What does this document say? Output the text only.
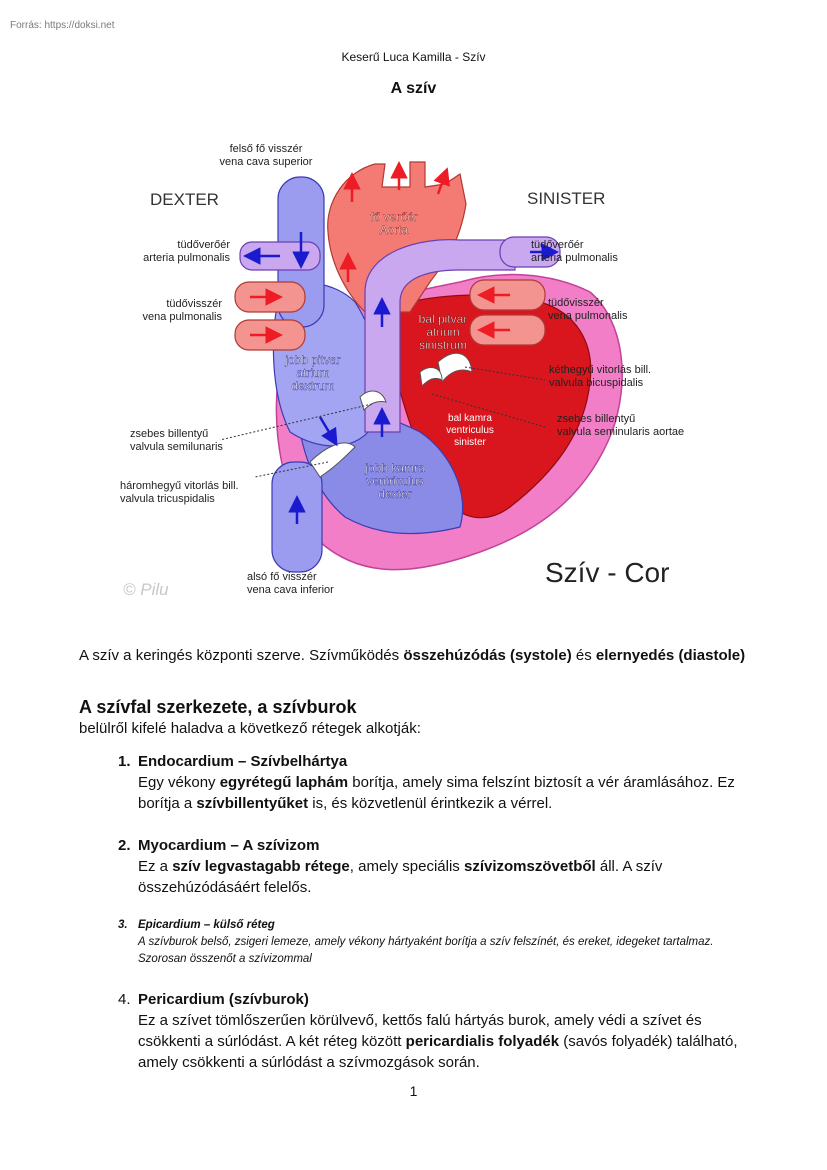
Forrás: https://doksi.net
Keserű Luca Kamilla - Szív
A szív
DEXTER	SINISTER
Szív - Cor
© Pilu
felső fő visszér
vena cava superior
tüdőverőér
arteria pulmonalis
tüdővisszér
vena pulmonalis
zsebes billentyű
valvula semilunaris
háromhegyű vitorlás bill.
valvula tricuspidalis
alsó fő visszér
vena cava inferior
tüdőverőér
arteria pulmonalis
tüdővisszér
vena pulmonalis
kéthegyű vitorlás bill.
valvula bicuspidalis
zsebes billentyű
valvula seminularis aortae
fő verőér
Aorta
jobb pitvar
atrium
dextrum
bal pitvar
atrium
sinistrum
jobb kamra
ventriculus
dexter
bal kamra
ventriculus
sinister

A szív a keringés központi szerve. Szívműködés összehúzódás (systole) és elernyedés (diastole)

A szívfal szerkezete, a szívburok
belülről kifelé haladva a következő rétegek alkotják:
1. Endocardium – Szívbelhártya
Egy vékony egyrétegű laphám borítja, amely sima felszínt biztosít a vér áramlásához. Ez borítja a szívbillentyűket is, és közvetlenül érintkezik a vérrel.
2. Myocardium – A szívizom
Ez a szív legvastagabb rétege, amely speciális szívizomszövetből áll. A szív összehúzódásáért felelős.
3. Epicardium – külső réteg
A szívburok belső, zsigeri lemeze, amely vékony hártyaként borítja a szív felszínét, és ereket, idegeket tartalmaz. Szorosan összenőt a szívizommal
4. Pericardium (szívburok)
Ez a szívet tömlőszerűen körülvevő, kettős falú hártyás burok, amely védi a szívet és csökkenti a súrlódást. A két réteg között pericardialis folyadék (savós folyadék) található, amely csökkenti a súrlódást a szívmozgások során.
1
